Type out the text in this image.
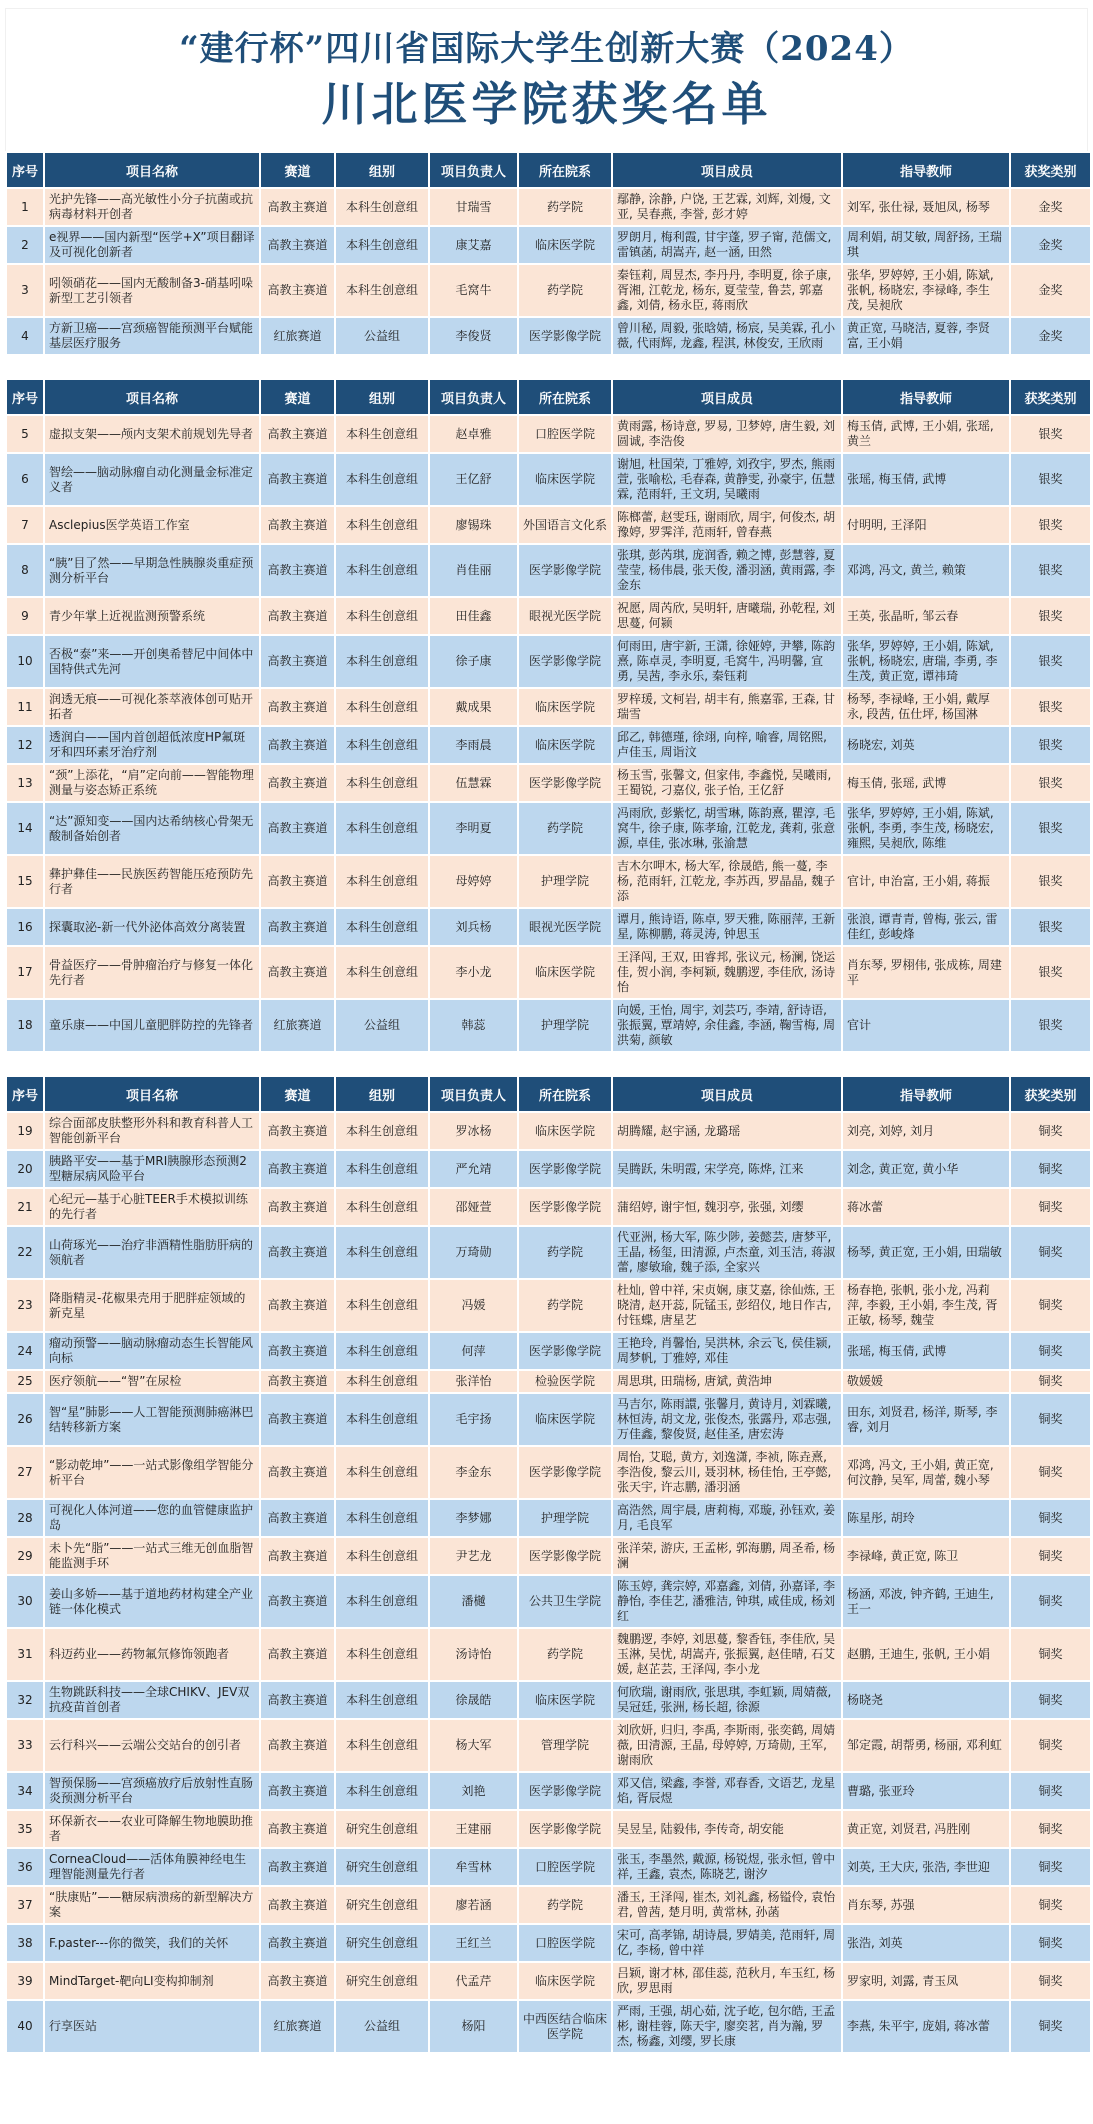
“建行杯”四川省国际大学生创新大赛（2024）
川北医学院获奖名单
序号	项目名称	赛道	组别	项目负责人	所在院系	项目成员	指导教师	获奖类别
1	光护先锋——高光敏性小分子抗菌或抗病毒材料开创者	高教主赛道	本科生创意组	甘瑞雪	药学院	鄢静, 涂静, 户饶, 王艺霖, 刘辉, 刘熳, 文亚, 吴春燕, 李誉, 彭才婷	刘军, 张仕禄, 聂旭凤, 杨琴	金奖
2	e视界——国内新型“医学+X”项目翻译及可视化创新者	高教主赛道	本科生创意组	康艾嘉	临床医学院	罗朗月, 梅利霞, 甘宇蓬, 罗子甯, 范儒文, 雷镇菡, 胡嵩卉, 赵一涵, 田然	周利娟, 胡艾敏, 周舒扬, 王瑞琪	金奖
3	吲领硝花——国内无酸制备3-硝基吲哚新型工艺引领者	高教主赛道	本科生创意组	毛窝牛	药学院	秦钰莉, 周昱杰, 李丹丹, 李明夏, 徐子康, 胥湘, 江乾龙, 杨东, 夏莹莹, 鲁芸, 郭嘉鑫, 刘倩, 杨永臣, 蒋雨欣	张华, 罗婷婷, 王小娟, 陈斌, 张帆, 杨晓宏, 李禄峰, 李生茂, 吴昶欣	金奖
4	方新卫癌——宫颈癌智能预测平台赋能基层医疗服务	红旅赛道	公益组	李俊贤	医学影像学院	曾川秘, 周毅, 张晗婧, 杨宸, 吴美霖, 孔小薇, 代雨辉, 龙鑫, 程淇, 林俊安, 王欣雨	黄正宽, 马晓洁, 夏蓉, 李贤富, 王小娟	金奖
序号	项目名称	赛道	组别	项目负责人	所在院系	项目成员	指导教师	获奖类别
5	虚拟支架——颅内支架术前规划先导者	高教主赛道	本科生创意组	赵卓雅	口腔医学院	黄雨露, 杨诗意, 罗易, 卫梦婷, 唐生毅, 刘圆诚, 李浩俊	梅玉倩, 武博, 王小娟, 张瑶, 黄兰	银奖
6	智绘——脑动脉瘤自动化测量金标准定义者	高教主赛道	本科生创意组	王亿舒	临床医学院	谢旭, 杜国荣, 丁雅婷, 刘孜宇, 罗杰, 熊雨萱, 张喻松, 毛春森, 黄静雯, 孙豪宇, 伍慧霖, 范雨轩, 王文玥, 吴曦雨	张瑶, 梅玉倩, 武博	银奖
7	Asclepius医学英语工作室	高教主赛道	本科生创意组	廖锡珠	外国语言文化系	陈榔蕾, 赵雯珏, 谢雨欣, 周宇, 何俊杰, 胡豫婷, 罗霁洋, 范雨轩, 曾春燕	付明明, 王泽阳	银奖
8	“胰”目了然——早期急性胰腺炎重症预测分析平台	高教主赛道	本科生创意组	肖佳丽	医学影像学院	张琪, 彭芮琪, 庞润香, 赖之博, 彭慧蓉, 夏莹莹, 杨伟晨, 张天俊, 潘羽涵, 黄雨露, 李金东	邓鸿, 冯文, 黄兰, 赖策	银奖
9	青少年掌上近视监测预警系统	高教主赛道	本科生创意组	田佳鑫	眼视光医学院	祝愿, 周芮欣, 吴明轩, 唐曦瑞, 孙乾程, 刘思蔓, 何颍	王英, 张晶昕, 邹云春	银奖
10	否极“泰”来——开创奥希替尼中间体中国特供式先河	高教主赛道	本科生创意组	徐子康	医学影像学院	何雨田, 唐宇新, 王潇, 徐娅婷, 尹攀, 陈韵熹, 陈卓灵, 李明夏, 毛窝牛, 冯明馨, 宣勇, 吴茜, 李永乐, 秦钰莉	张华, 罗婷婷, 王小娟, 陈斌, 张帆, 杨晓宏, 唐瑞, 李勇, 李生茂, 黄正宽, 谭祎琦	银奖
11	润透无痕——可视化茶萃液体创可贴开拓者	高教主赛道	本科生创意组	戴成果	临床医学院	罗梓瑗, 文柯岩, 胡丰有, 熊嘉霏, 王森, 甘瑞雪	杨琴, 李禄峰, 王小娟, 戴厚永, 段茜, 伍仕坪, 杨国淋	银奖
12	透润白——国内首创超低浓度HP氟斑牙和四环素牙治疗剂	高教主赛道	本科生创意组	李雨晨	临床医学院	邱乙, 韩德瑾, 徐翊, 向梓, 喻睿, 周铭熙, 卢佳玉, 周诣汶	杨晓宏, 刘英	银奖
13	“颈”上添花，“肩”定向前——智能物理测量与姿态矫正系统	高教主赛道	本科生创意组	伍慧霖	医学影像学院	杨玉雪, 张馨文, 但家伟, 李鑫悦, 吴曦雨, 王蜀锐, 刁嘉仪, 张子怡, 王亿舒	梅玉倩, 张瑶, 武博	银奖
14	“达”源知变——国内达希纳核心骨架无酸制备始创者	高教主赛道	本科生创意组	李明夏	药学院	冯雨欣, 彭紫忆, 胡雪琳, 陈韵熹, 瞿淳, 毛窝牛, 徐子康, 陈孝瑜, 江乾龙, 龚莉, 张意源, 卓佳, 张冰琳, 张渝慧	张华, 罗婷婷, 王小娟, 陈斌, 张帆, 李勇, 李生茂, 杨晓宏, 雍熙, 吴昶欣, 陈维	银奖
15	彝护彝佳——民族医药智能压疮预防先行者	高教主赛道	本科生创意组	母婷婷	护理学院	吉木尔呷木, 杨大军, 徐晟皓, 熊一蔓, 李杨, 范雨轩, 江乾龙, 李苏西, 罗晶晶, 魏子添	官计, 申治富, 王小娟, 蒋振	银奖
16	探囊取泌-新一代外泌体高效分离装置	高教主赛道	本科生创意组	刘兵杨	眼视光医学院	谭月, 熊诗语, 陈卓, 罗天雅, 陈丽萍, 王新星, 陈柳鹏, 蒋灵涛, 钟思玉	张浪, 谭青青, 曾梅, 张云, 雷佳红, 彭峻烽	银奖
17	骨益医疗——骨肿瘤治疗与修复一体化先行者	高教主赛道	本科生创意组	李小龙	临床医学院	王泽闯, 王双, 田睿邦, 张议元, 杨澜, 饶运佳, 贺小润, 李柯颖, 魏鹏逻, 李佳欣, 汤诗怡	肖东琴, 罗栩伟, 张成栋, 周建平	银奖
18	童乐康——中国儿童肥胖防控的先锋者	红旅赛道	公益组	韩蕊	护理学院	向媛, 王怡, 周宇, 刘芸巧, 李靖, 舒诗语, 张振翼, 覃靖婷, 余佳鑫, 李涵, 鞠雪梅, 周洪菊, 颜敏	官计	银奖
序号	项目名称	赛道	组别	项目负责人	所在院系	项目成员	指导教师	获奖类别
19	综合面部皮肤整形外科和教育科普人工智能创新平台	高教主赛道	本科生创意组	罗冰杨	临床医学院	胡腾耀, 赵宇涵, 龙璐瑶	刘亮, 刘婷, 刘月	铜奖
20	胰路平安——基于MRI胰腺形态预测2型糖尿病风险平台	高教主赛道	本科生创意组	严允靖	医学影像学院	吴腾跃, 朱明霞, 宋学亮, 陈烨, 江来	刘念, 黄正宽, 黄小华	铜奖
21	心纪元—基于心脏TEER手术模拟训练的先行者	高教主赛道	本科生创意组	邵娅萱	医学影像学院	蒲绍婷, 谢宇恒, 魏羽亭, 张强, 刘缨	蒋冰蕾	铜奖
22	山荷琢光——治疗非酒精性脂肪肝病的领航者	高教主赛道	本科生创意组	万琦勋	药学院	代亚洲, 杨大军, 陈少陟, 姜懿芸, 唐梦平, 王晶, 杨玺, 田清源, 卢杰童, 刘玉洁, 蒋淑蕾, 廖敏瑜, 魏子添, 全家兴	杨琴, 黄正宽, 王小娟, 田瑞敏	铜奖
23	降脂精灵-花椒果壳用于肥胖症领域的新克星	高教主赛道	本科生创意组	冯媛	药学院	杜灿, 曾中祥, 宋贞娴, 康艾嘉, 徐仙炼, 王晓清, 赵开蕊, 阮锰玉, 彭绍仪, 地日作古, 付钰蝶, 唐星艺	杨春艳, 张帆, 张小龙, 冯莉萍, 李毅, 王小娟, 李生茂, 胥正敏, 杨琴, 魏莹	铜奖
24	瘤动预警——脑动脉瘤动态生长智能风向标	高教主赛道	本科生创意组	何萍	医学影像学院	王艳玲, 肖馨怡, 吴洪林, 余云飞, 侯佳颍, 周梦帆, 丁雅婷, 邓佳	张瑶, 梅玉倩, 武博	铜奖
25	医疗领航——“智”在尿检	高教主赛道	本科生创意组	张洋怡	检验医学院	周思琪, 田瑞杨, 唐斌, 黄浩坤	敬媛媛	铜奖
26	智“星”肺影——人工智能预测肺癌淋巴结转移新方案	高教主赛道	本科生创意组	毛宇扬	临床医学院	马吉尔, 陈雨譞, 张馨月, 黄诗月, 刘霖曦, 林恒涛, 胡文龙, 张俊杰, 张露丹, 邓志强, 万佳鑫, 黎俊贤, 赵佳圣, 唐宏涛	田东, 刘贤君, 杨洋, 斯琴, 李睿, 刘月	铜奖
27	“影动乾坤”——一站式影像组学智能分析平台	高教主赛道	本科生创意组	李金东	医学影像学院	周怡, 艾聪, 黄方, 刘逸潇, 李祯, 陈垚熹, 李浩俊, 黎云川, 聂羽林, 杨佳怡, 王亭懿, 张天宇, 许志鹏, 潘羽涵	邓鸿, 冯文, 王小娟, 黄正宽, 何汶静, 吴军, 周蕾, 魏小琴	铜奖
28	可视化人体河道——您的血管健康监护岛	高教主赛道	本科生创意组	李梦娜	护理学院	高浩然, 周宇晨, 唐莉梅, 邓璇, 孙钰欢, 姜月, 毛良军	陈星彤, 胡玲	铜奖
29	未卜先“脂”——一站式三维无创血脂智能监测手环	高教主赛道	本科生创意组	尹艺龙	医学影像学院	张洋荣, 游庆, 王孟彬, 郭海鹏, 周圣希, 杨澜	李禄峰, 黄正宽, 陈卫	铜奖
30	姜山多娇——基于道地药材构建全产业链一体化模式	高教主赛道	本科生创意组	潘樾	公共卫生学院	陈玉婷, 龚宗婷, 邓嘉鑫, 刘倩, 孙嘉译, 李静怡, 李佳艺, 潘雅洁, 钟琪, 咸佳成, 杨刘红	杨涵, 邓波, 钟齐鹤, 王迪生, 王一	铜奖
31	科迈药业——药物氟氘修饰领跑者	高教主赛道	本科生创意组	汤诗怡	药学院	魏鹏逻, 李婷, 刘思蔓, 黎香钰, 李佳欣, 吴玉淋, 吴忧, 胡嵩卉, 张振翼, 赵佳晴, 石艾媛, 赵芷芸, 王泽闯, 李小龙	赵鹏, 王迪生, 张帆, 王小娟	铜奖
32	生物跳跃科技——全球CHIKV、JEV双抗疫苗首创者	高教主赛道	本科生创意组	徐晟皓	临床医学院	何欣瑞, 谢雨欣, 张思琪, 李虹颖, 周婧薇, 吴冠廷, 张洲, 杨长超, 徐源	杨晓尧	铜奖
33	云行科兴——云端公交站台的创引者	高教主赛道	本科生创意组	杨大军	管理学院	刘欣妍, 归归, 李禹, 李斯雨, 张奕鹤, 周婧薇, 田清源, 王晶, 母婷婷, 万琦勋, 王军, 谢雨欣	邹定霞, 胡帮勇, 杨丽, 邓利虹	铜奖
34	智预保肠——宫颈癌放疗后放射性直肠炎预测分析平台	高教主赛道	本科生创意组	刘艳	医学影像学院	邓又信, 梁鑫, 李誉, 邓春香, 文语艺, 龙星焰, 胥辰煜	曹璐, 张亚玲	铜奖
35	环保新衣——农业可降解生物地膜助推者	高教主赛道	研究生创意组	王建丽	医学影像学院	吴昱呈, 陆毅伟, 李传奇, 胡安能	黄正宽, 刘贤君, 冯胜刚	铜奖
36	CorneaCloud——活体角膜神经电生理智能测量先行者	高教主赛道	研究生创意组	牟雪林	口腔医学院	张玉, 李墨然, 戴源, 杨锐煜, 张永恒, 曾中祥, 王鑫, 袁杰, 陈晓艺, 谢汐	刘英, 王大庆, 张浩, 李世迎	铜奖
37	“肤康贴”——糖尿病溃疡的新型解决方案	高教主赛道	研究生创意组	廖若涵	药学院	潘玉, 王泽闯, 崔杰, 刘礼鑫, 杨镒伶, 袁怡君, 曾茜, 楚月明, 黄常林, 孙菡	肖东琴, 苏强	铜奖
38	F.paster---你的微笑，我们的关怀	高教主赛道	研究生创意组	王红兰	口腔医学院	宋可, 高孝锦, 胡诗晨, 罗婧美, 范雨轩, 周亿, 李杨, 曾中祥	张浩, 刘英	铜奖
39	MindTarget-靶向LI变构抑制剂	高教主赛道	研究生创意组	代孟芹	临床医学院	吕颖, 谢才林, 邵佳蕊, 范秋月, 车玉红, 杨欣, 罗思雨	罗家明, 刘露, 青玉凤	铜奖
40	行享医站	红旅赛道	公益组	杨阳	中西医结合临床医学院	严雨, 王强, 胡心茹, 沈子屹, 包尔皓, 王孟彬, 谢桂蓉, 陈天宇, 廖奕茗, 肖为瀚, 罗杰, 杨鑫, 刘缨, 罗长康	李燕, 朱平宇, 庞娟, 蒋冰蕾	铜奖
